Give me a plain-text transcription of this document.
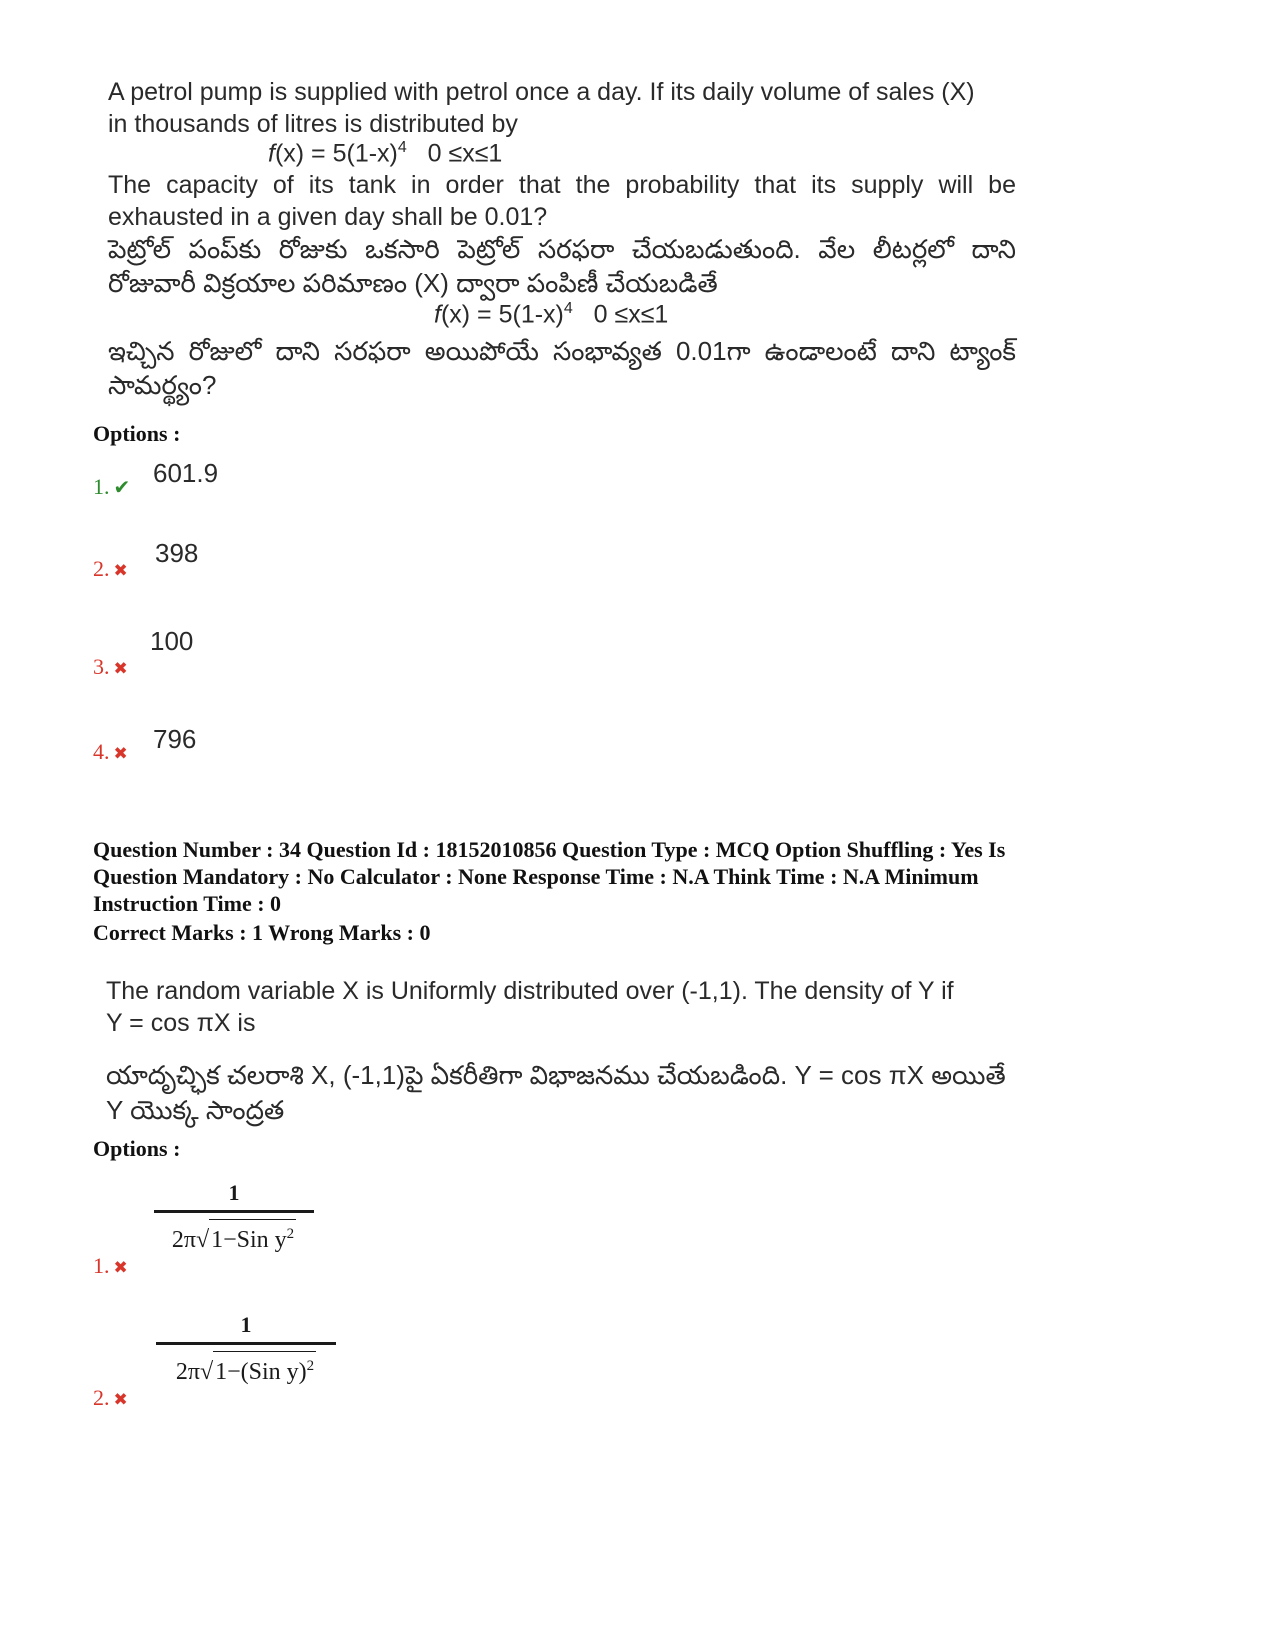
A petrol pump is supplied with petrol once a day. If its daily volume of sales (X)

in thousands of litres is distributed by

$f(x) = 5(1-x)^4$ 0 ≤x≤1

The capacity of its tank in order that the probability that its supply will be exhausted in a given day shall be 0.01?

పెట్రోల్ పంప్‌కు రోజుకు ఒకసారి పెట్రోల్ సరఫరా చేయబడుతుంది. వేల లీటర్లలో దాని రోజువారీ విక్రయాల పరిమాణం (X) ద్వారా పంపిణీ చేయబడితే

$f(x) = 5(1-x)^4$ 0 ≤x≤1

ఇచ్చిన రోజులో దాని సరఫరా అయిపోయే సంభావ్యత 0.01గా ఉండాలంటే దాని ట్యాంక్ సామర్థ్యం?

Options :
601.9
1. ✔
398
2. ✖
100
3. ✖
796
4. ✖
Question Number : 34 Question Id : 18152010856 Question Type : MCQ Option Shuffling : Yes Is Question Mandatory : No Calculator : None Response Time : N.A Think Time : N.A Minimum Instruction Time : 0
Correct Marks : 1 Wrong Marks : 0

The random variable X is Uniformly distributed over (-1,1). The density of Y if

Y = cos πX is

యాదృచ్ఛిక చలరాశి X, (-1,1)పై ఏకరీతిగా విభాజనము చేయబడింది. Y = cos πX అయితే Y యొక్క సాంద్రత

Options :
1
2π√1−Sin $y^2$
1. ✖
1
2π√1−(Sin y)$^2$
2. ✖
